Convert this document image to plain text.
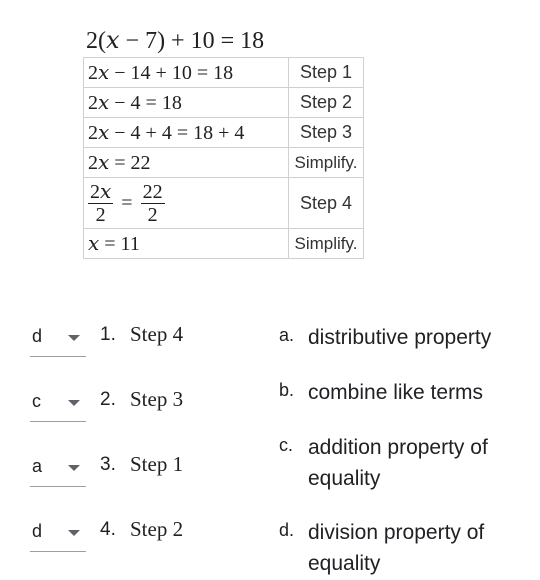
2(𝑥 − 7) + 10 = 18
2𝑥 − 14 + 10 = 18	Step 1
2𝑥 − 4 = 18	Step 2
2𝑥 − 4 + 4 = 18 + 4	Step 3
2𝑥 = 22	Simplify.

$\frac{\text{2𝑥}}{2} = \frac{22}{2}$	Step 4
𝑥 = 11	Simplify.
d	1. Step 4
c	2. Step 3
a	3. Step 1
d	4. Step 2
a. distributive property
b. combine like terms
c. addition property of equality
d. division property of equality
